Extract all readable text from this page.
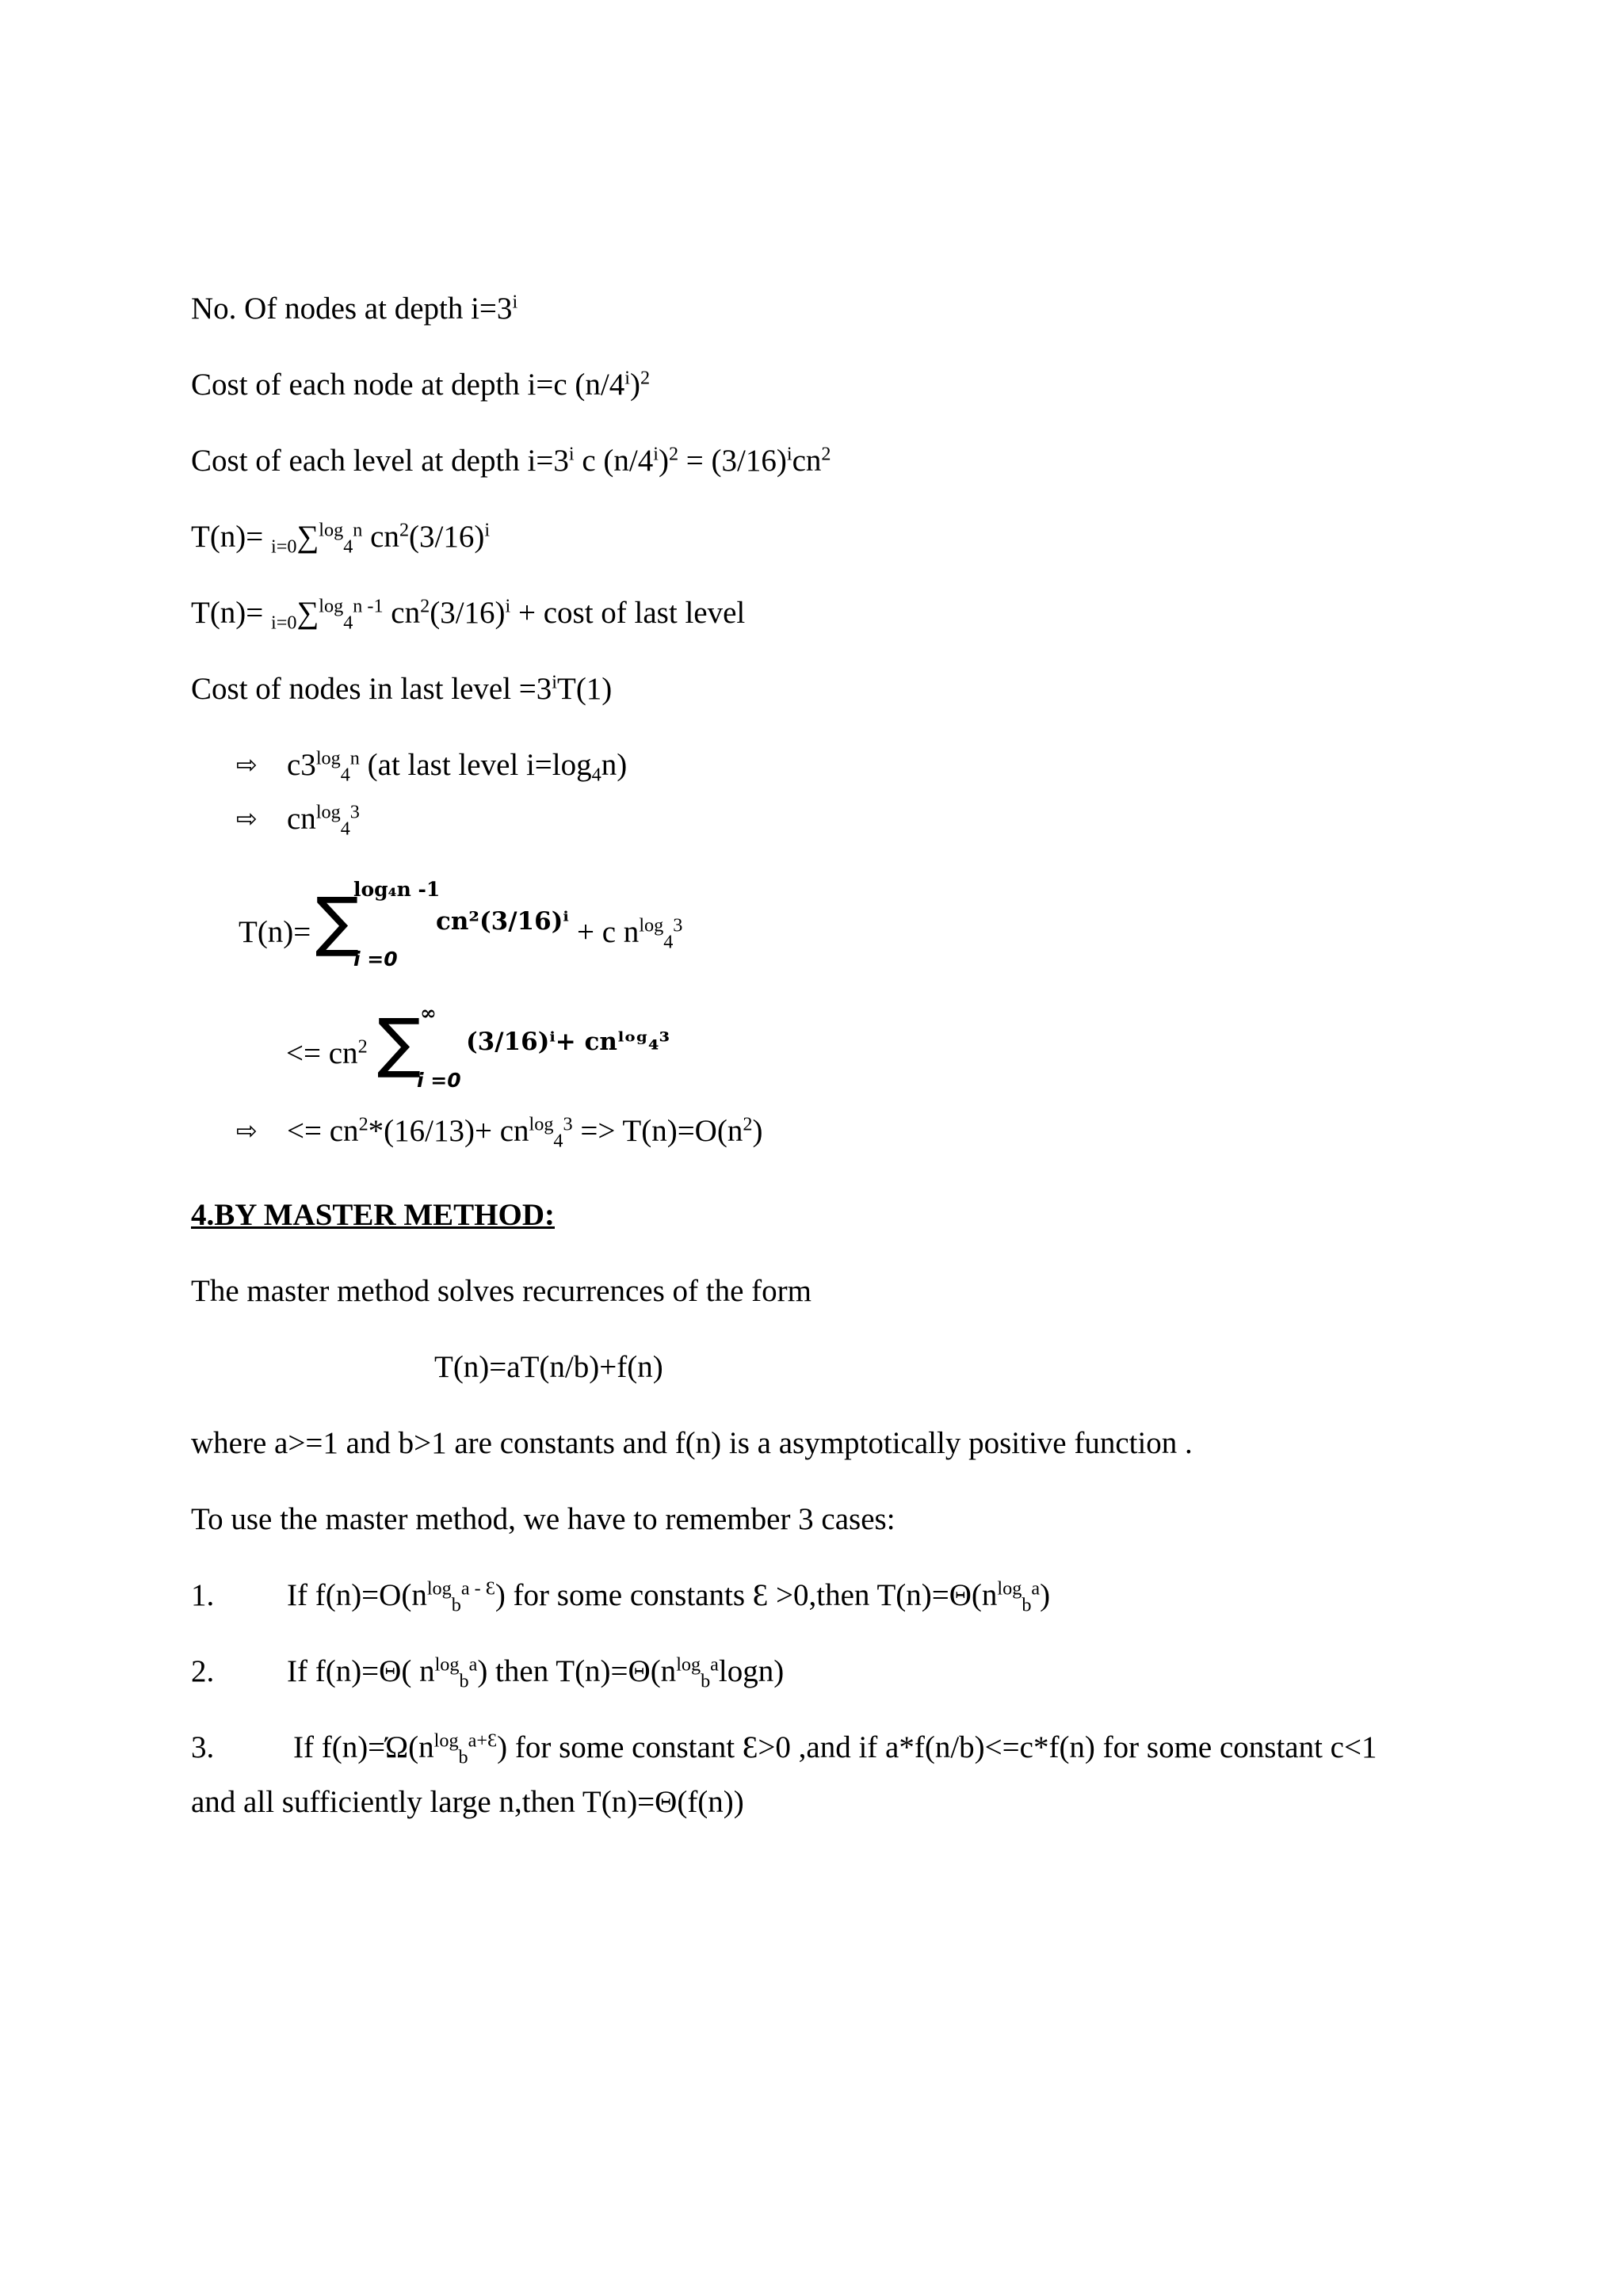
No. Of nodes at depth $i=3^i$
Cost of each node at depth i=c $(n/4^i)^2$
Cost of each level at depth $i=3^i$ c $(n/4^i)^2 = (3/16)^icn^2$
T(n)= $_{i=0}$∑$^{log}_4^n$ $cn^2(3/16)^i$
T(n)= $_{i=0}$∑$^{log}_4^{n -1}$ $cn^2(3/16)^i + \cos t$ of last level
Cost of nodes in last level $=3^iT(1)$
⇨ $c3^{log}_4^n$ (at last level $i=\log_4n$)
⇨ $cn^{log}_4^3$
T(n)= ∑
log₄n -1
i =0
cn²(3/16)ⁱ + c $n^{log}_4^3$
<= $cn^2$ ∑
∞
i =0
(3/16)ⁱ+ cnˡᵒᵍ₄³
⇨ <= $cn^2*(16/13)+ cn^{log}_4^3 => T(n)=O(n^2)$
4.BY MASTER METHOD:
The master method solves recurrences of the form
T(n)=aT(n/b)+f(n)
where a>=1 and b>1 are constants and f(n) is a asymptotically positive function .
To use the master method, we have to remember 3 cases:
1. If $f(n)=O(n^{log}_b^{a - Ɛ})$ for some constants Ɛ >0,then $T(n)=\Theta(n^{log}_b^a)$
2. If f(n)=Θ( $n^{log}_b^a$) then $T(n)=\Theta(n^{log}_b^a\log n)$
3.	If $f(n)=Ώ(n^{log}_b^{a+Ɛ})$ for some constant Ɛ>0 ,and if a*f(n/b)<=c*f(n) for some constant c<1
and all sufficiently large n,then T(n)=Θ(f(n))
